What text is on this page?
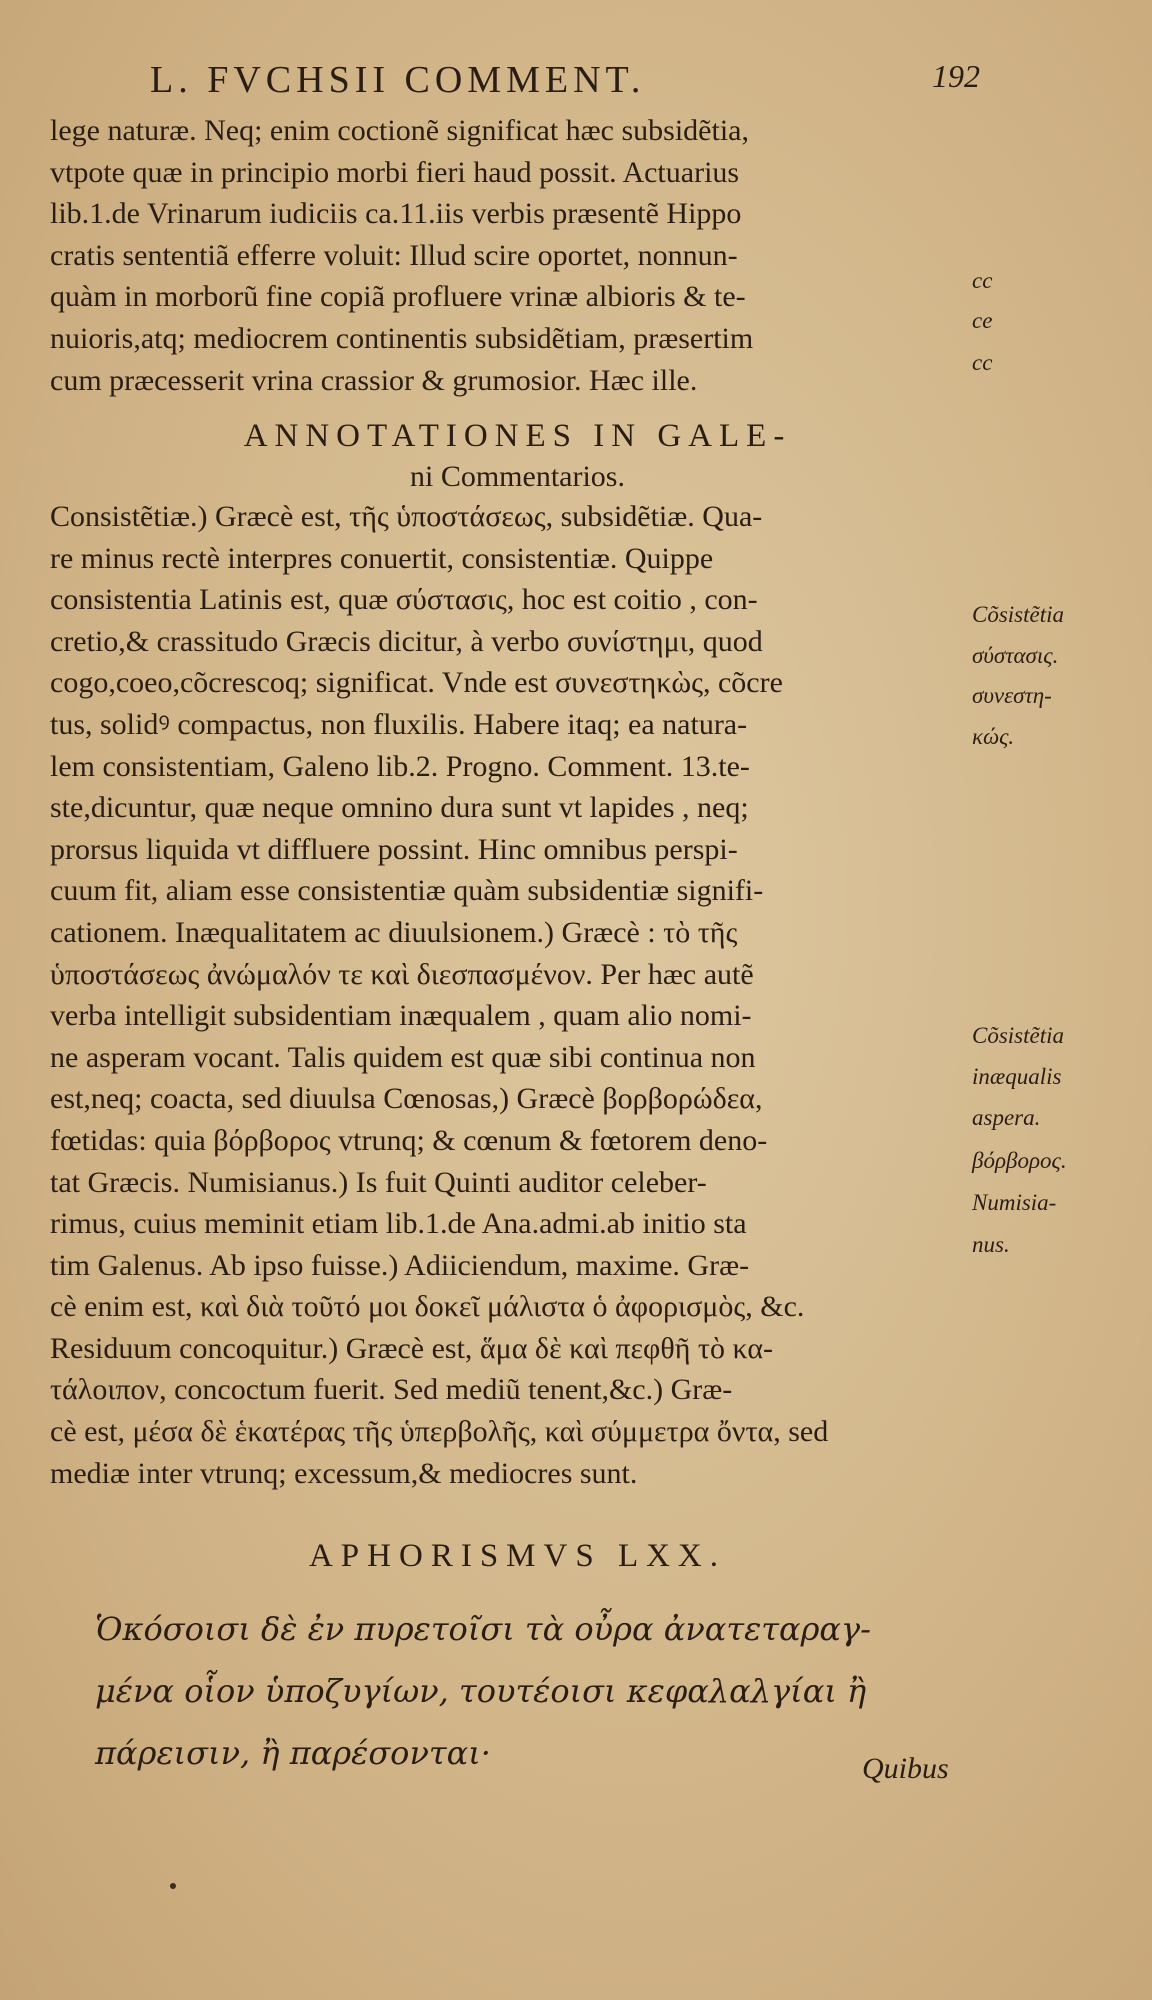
L. FVCHSII COMMENT.	192
lege naturæ. Neq; enim coctionẽ significat hæc subsidẽtia,
vtpote quæ in principio morbi fieri haud possit. Actuarius
lib.1.de Vrinarum iudiciis ca.11.iis verbis præsentẽ Hippo
cratis sententiã efferre voluit: Illud scire oportet, nonnun-
quàm in morborũ fine copiã profluere vrinæ albioris & te-
nuioris,atq; mediocrem continentis subsidẽtiam, præsertim
cum præcesserit vrina crassior & grumosior. Hæc ille.
ANNOTATIONES IN GALE-
ni Commentarios.
Consistẽtiæ.) Græcè est, τῆς ὑποστάσεως, subsidẽtiæ. Qua-
re minus rectè interpres conuertit, consistentiæ. Quippe
consistentia Latinis est, quæ σύστασις, hoc est coitio , con-
cretio,& crassitudo Græcis dicitur, à verbo συνίστημι, quod
cogo,coeo,cõcrescoq; significat. Vnde est συνεστηκὼς, cõcre
tus, solidꝰ compactus, non fluxilis. Habere itaq; ea natura-
lem consistentiam, Galeno lib.2. Progno. Comment. 13.te-
ste,dicuntur, quæ neque omnino dura sunt vt lapides , neq;
prorsus liquida vt diffluere possint. Hinc omnibus perspi-
cuum fit, aliam esse consistentiæ quàm subsidentiæ signifi-
cationem. Inæqualitatem ac diuulsionem.) Græcè : τὸ τῆς
ὑποστάσεως ἀνώμαλόν τε καὶ διεσπασμένον. Per hæc autẽ
verba intelligit subsidentiam inæqualem , quam alio nomi-
ne asperam vocant. Talis quidem est quæ sibi continua non
est,neq; coacta, sed diuulsa Cœnosas,) Græcè βορβορώδεα,
fœtidas: quia βόρβορος vtrunq; & cœnum & fœtorem deno-
tat Græcis. Numisianus.) Is fuit Quinti auditor celeber-
rimus, cuius meminit etiam lib.1.de Ana.admi.ab initio sta
tim Galenus. Ab ipso fuisse.) Adiiciendum, maxime. Græ-
cè enim est, καὶ διὰ τοῦτό μοι δοκεῖ μάλιστα ὁ ἀφορισμὸς, &c.
Residuum concoquitur.) Græcè est, ἅμα δὲ καὶ πεφθῆ τὸ κα-
τάλοιπον, concoctum fuerit. Sed mediũ tenent,&c.) Græ-
cè est, μέσα δὲ ἑκατέρας τῆς ὑπερβολῆς, καὶ σύμμετρα ὄντα, sed
mediæ inter vtrunq; excessum,& mediocres sunt.
APHORISMVS LXX.
Ὁκόσοισι δὲ ἐν πυρετοῖσι τὰ οὖρα ἀνατεταραγ-
μένα οἷον ὑποζυγίων, τουτέοισι κεφαλαλγίαι ἢ
πάρεισιν, ἢ παρέσονται·	Quibus
cc
ce
cc
Cõsistẽtia
σύστασις.
συνεστη-
κώς.
Cõsistẽtia
inæqualis
aspera.
βόρβορος.
Numisia-
nus.
